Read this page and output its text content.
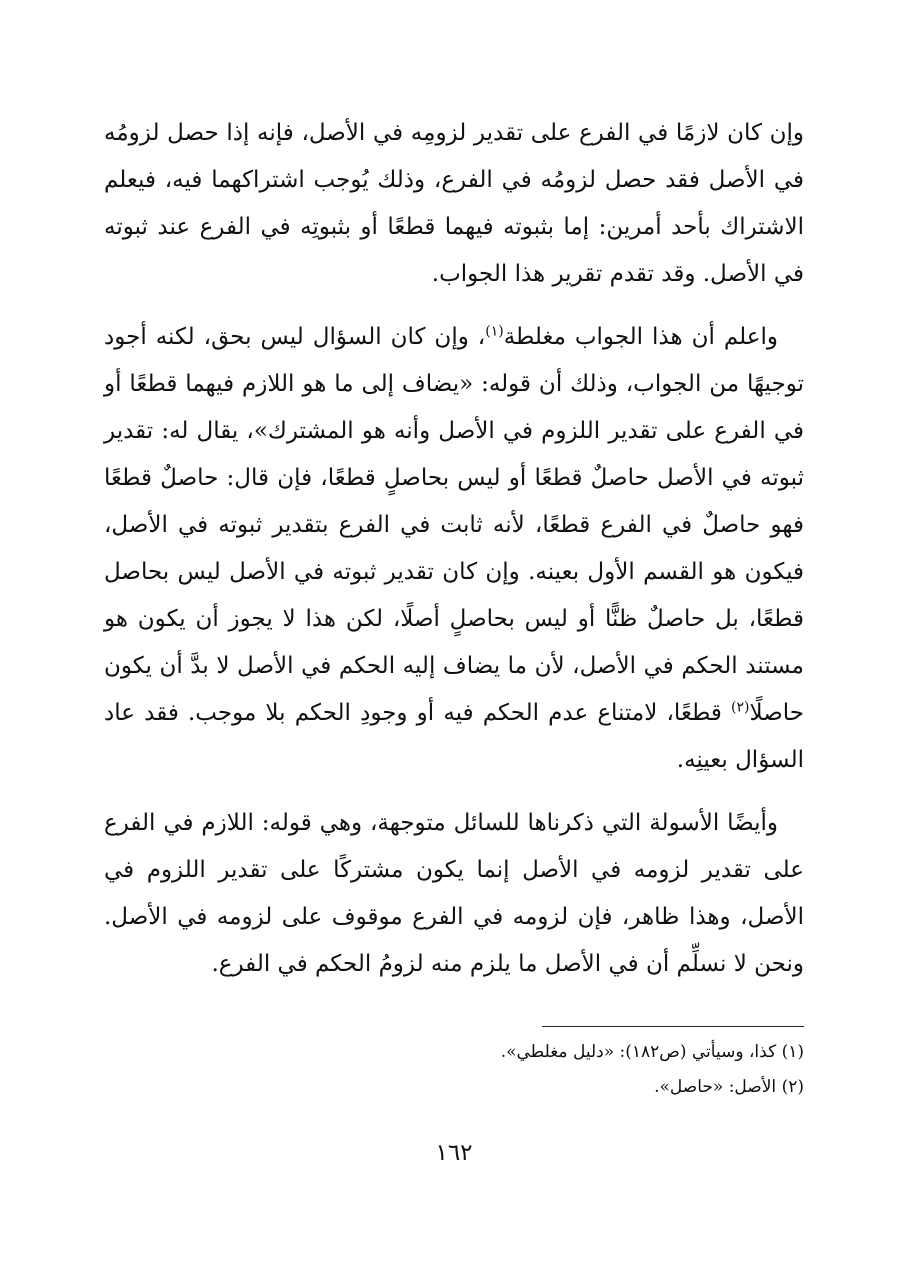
وإن كان لازمًا في الفرع على تقدير لزومِه في الأصل، فإنه إذا حصل لزومُه في الأصل فقد حصل لزومُه في الفرع، وذلك يُوجب اشتراكهما فيه، فيعلم الاشتراك بأحد أمرين: إما بثبوته فيهما قطعًا أو بثبوتِه في الفرع عند ثبوته في الأصل. وقد تقدم تقرير هذا الجواب.

واعلم أن هذا الجواب مغلطة$^{(١)}$، وإن كان السؤال ليس بحق، لكنه أجود توجيهًا من الجواب، وذلك أن قوله: «يضاف إلى ما هو اللازم فيهما قطعًا أو في الفرع على تقدير اللزوم في الأصل وأنه هو المشترك»، يقال له: تقدير ثبوته في الأصل حاصلٌ قطعًا أو ليس بحاصلٍ قطعًا، فإن قال: حاصلٌ قطعًا فهو حاصلٌ في الفرع قطعًا، لأنه ثابت في الفرع بتقدير ثبوته في الأصل، فيكون هو القسم الأول بعينه. وإن كان تقدير ثبوته في الأصل ليس بحاصل قطعًا، بل حاصلٌ ظنًّا أو ليس بحاصلٍ أصلًا، لكن هذا لا يجوز أن يكون هو مستند الحكم في الأصل، لأن ما يضاف إليه الحكم في الأصل لا بدَّ أن يكون حاصلًا$^{(٢)}$ قطعًا، لامتناع عدم الحكم فيه أو وجودِ الحكم بلا موجب. فقد عاد السؤال بعينِه.

وأيضًا الأسولة التي ذكرناها للسائل متوجهة، وهي قوله: اللازم في الفرع على تقدير لزومه في الأصل إنما يكون مشتركًا على تقدير اللزوم في الأصل، وهذا ظاهر، فإن لزومه في الفرع موقوف على لزومه في الأصل. ونحن لا نسلِّم أن في الأصل ما يلزم منه لزومُ الحكم في الفرع.

(١) كذا، وسيأتي (ص١٨٢): «دليل مغلطي».
(٢) الأصل: «حاصل».
١٦٢
